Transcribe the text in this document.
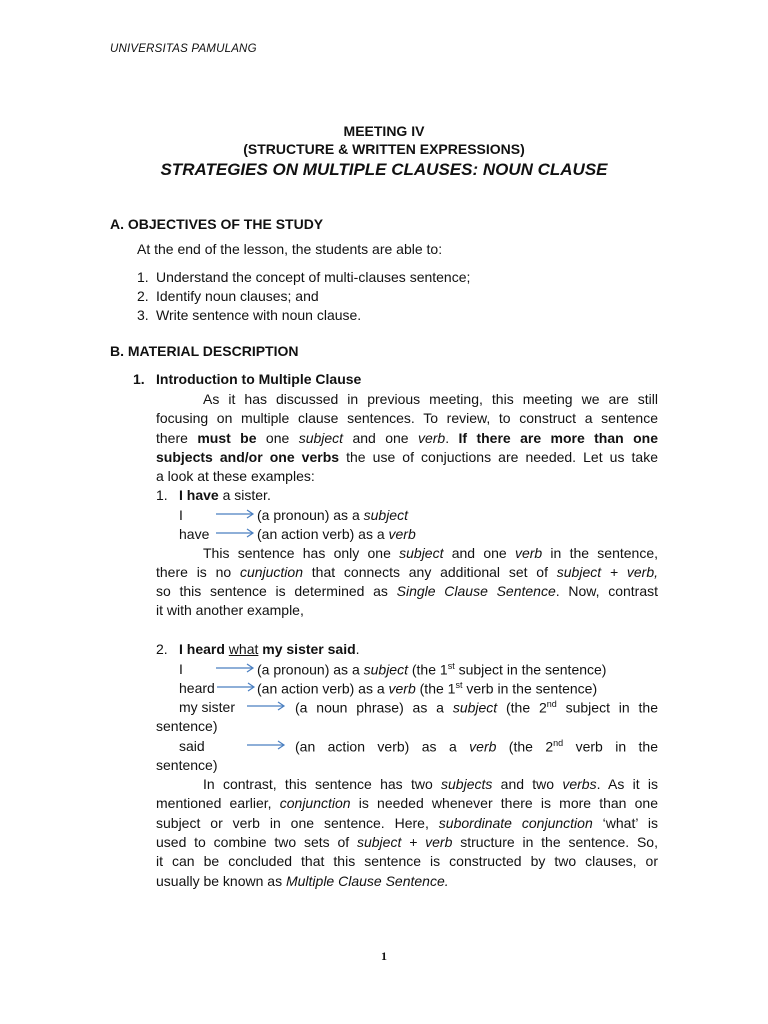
UNIVERSITAS PAMULANG
MEETING IV
(STRUCTURE & WRITTEN EXPRESSIONS)
STRATEGIES ON MULTIPLE CLAUSES: NOUN CLAUSE
A. OBJECTIVES OF THE STUDY
At the end of the lesson, the students are able to:
1. Understand the concept of multi-clauses sentence;
2. Identify noun clauses; and
3. Write sentence with noun clause.
B. MATERIAL DESCRIPTION
1. Introduction to Multiple Clause
As it has discussed in previous meeting, this meeting we are still
focusing on multiple clause sentences. To review, to construct a sentence
there must be one subject and one verb. If there are more than one
subjects and/or one verbs the use of conjuctions are needed. Let us take
a look at these examples:
1. I have a sister.
I	(a pronoun) as a subject
have	(an action verb) as a verb
This sentence has only one subject and one verb in the sentence,
there is no cunjuction that connects any additional set of subject + verb,
so this sentence is determined as Single Clause Sentence. Now, contrast
it with another example,
2. I heard what my sister said.
I	(a pronoun) as a subject (the 1st subject in the sentence)
heard	(an action verb) as a verb (the 1st verb in the sentence)
my sister	(a noun phrase) as a subject (the 2nd subject in the
sentence)
said	(an action verb) as a verb (the 2nd verb in the
sentence)
In contrast, this sentence has two subjects and two verbs. As it is
mentioned earlier, conjunction is needed whenever there is more than one
subject or verb in one sentence. Here, subordinate conjunction ‘what’ is
used to combine two sets of subject + verb structure in the sentence. So,
it can be concluded that this sentence is constructed by two clauses, or
usually be known as Multiple Clause Sentence.
1
